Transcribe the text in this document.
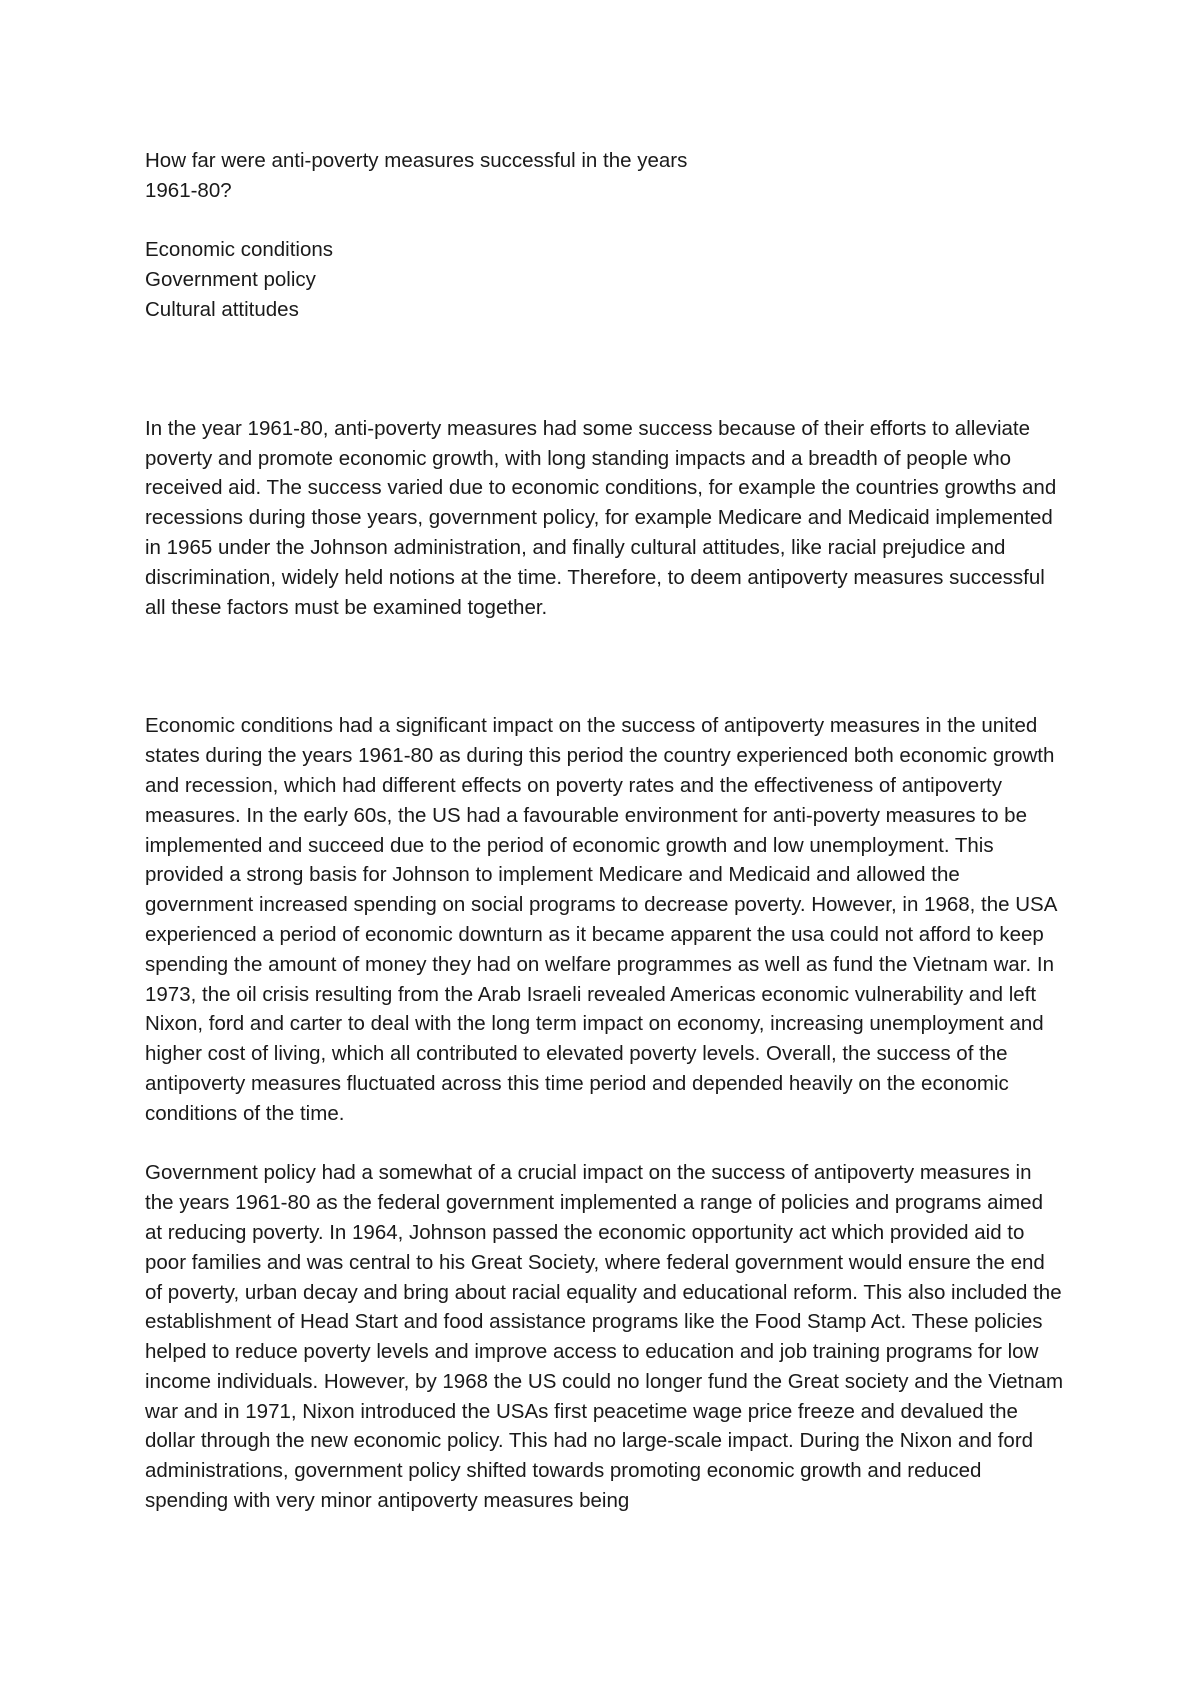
How far were anti-poverty measures successful in the years 1961-80?
Economic conditions
Government policy
Cultural attitudes

In the year 1961-80, anti-poverty measures had some success because of their efforts to alleviate poverty and promote economic growth, with long standing impacts and a breadth of people who received aid. The success varied due to economic conditions, for example the countries growths and recessions during those years, government policy, for example Medicare and Medicaid implemented in 1965 under the Johnson administration, and finally cultural attitudes, like racial prejudice and discrimination, widely held notions at the time. Therefore, to deem antipoverty measures successful all these factors must be examined together.

Economic conditions had a significant impact on the success of antipoverty measures in the united states during the years 1961-80 as during this period the country experienced both economic growth and recession, which had different effects on poverty rates and the effectiveness of antipoverty measures. In the early 60s, the US had a favourable environment for anti-poverty measures to be implemented and succeed due to the period of economic growth and low unemployment. This provided a strong basis for Johnson to implement Medicare and Medicaid and allowed the government increased spending on social programs to decrease poverty. However, in 1968, the USA experienced a period of economic downturn as it became apparent the usa could not afford to keep spending the amount of money they had on welfare programmes as well as fund the Vietnam war. In 1973, the oil crisis resulting from the Arab Israeli revealed Americas economic vulnerability and left Nixon, ford and carter to deal with the long term impact on economy, increasing unemployment and higher cost of living, which all contributed to elevated poverty levels. Overall, the success of the antipoverty measures fluctuated across this time period and depended heavily on the economic conditions of the time.

Government policy had a somewhat of a crucial impact on the success of antipoverty measures in the years 1961-80 as the federal government implemented a range of policies and programs aimed at reducing poverty. In 1964, Johnson passed the economic opportunity act which provided aid to poor families and was central to his Great Society, where federal government would ensure the end of poverty, urban decay and bring about racial equality and educational reform. This also included the establishment of Head Start and food assistance programs like the Food Stamp Act. These policies helped to reduce poverty levels and improve access to education and job training programs for low income individuals. However, by 1968 the US could no longer fund the Great society and the Vietnam war and in 1971, Nixon introduced the USAs first peacetime wage price freeze and devalued the dollar through the new economic policy. This had no large-scale impact. During the Nixon and ford administrations, government policy shifted towards promoting economic growth and reduced spending with very minor antipoverty measures being
